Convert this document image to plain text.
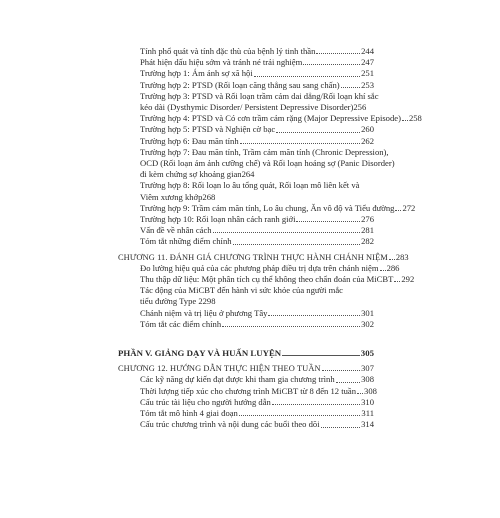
Tính phổ quát và tính đặc thù của bệnh lý tinh thần	244
Phát hiện dấu hiệu sớm và tránh né trải nghiệm	247
Trường hợp 1: Ám ảnh sợ xã hội	251
Trường hợp 2: PTSD (Rối loạn căng thẳng sau sang chấn)	253
Trường hợp 3: PTSD và Rối loạn trầm cảm dai dẳng/Rối loạn khí sắc
kéo dài (Dysthymic Disorder/ Persistent Depressive Disorder) 256
Trường hợp 4: PTSD và Có cơn trầm cảm rặng (Major Depressive Episode) 258
Trường hợp 5: PTSD và Nghiện cờ bạc	260
Trường hợp 6: Đau mãn tính	262
Trường hợp 7: Đau mãn tính, Trầm cảm mãn tính (Chronic Depression),
OCD (Rối loạn ám ảnh cưỡng chế) và Rối loạn hoảng sợ (Panic Disorder)
đi kèm chứng sợ khoảng gian 264
Trường hợp 8: Rối loạn lo âu tổng quát, Rối loạn mô liên kết và
Viêm xương khớp 268
Trường hợp 9: Trầm cảm mãn tính, Lo âu chung, Ăn vô độ và Tiểu đường 272
Trường hợp 10: Rối loạn nhân cách ranh giới	276
Vấn đề về nhân cách	281
Tóm tắt những điểm chính	282
CHƯƠNG 11. ĐÁNH GIÁ CHƯƠNG TRÌNH THỰC HÀNH CHÁNH NIỆM 283
Đo lường hiệu quả của các phương pháp điều trị dựa trên chánh niệm 286
Thu thập dữ liệu: Một phân tích cụ thể không theo chẩn đoán của MiCBT 292
Tác động của MiCBT đến hành vi sức khỏe của người mắc
tiểu đường Type 2 298
Chánh niệm và trị liệu ở phương Tây	301
Tóm tắt các điểm chính	302
PHẦN V. GIẢNG DẠY VÀ HUẤN LUYỆN	305
CHƯƠNG 12. HƯỚNG DẪN THỰC HIỆN THEO TUẦN	307
Các kỹ năng dự kiến đạt được khi tham gia chương trình	308
Thời lượng tiếp xúc cho chương trình MiCBT từ 8 đến 12 tuần 308
Cấu trúc tài liệu cho người hướng dẫn	310
Tóm tắt mô hình 4 giai đoạn	311
Cấu trúc chương trình và nội dung các buổi theo dõi	314
